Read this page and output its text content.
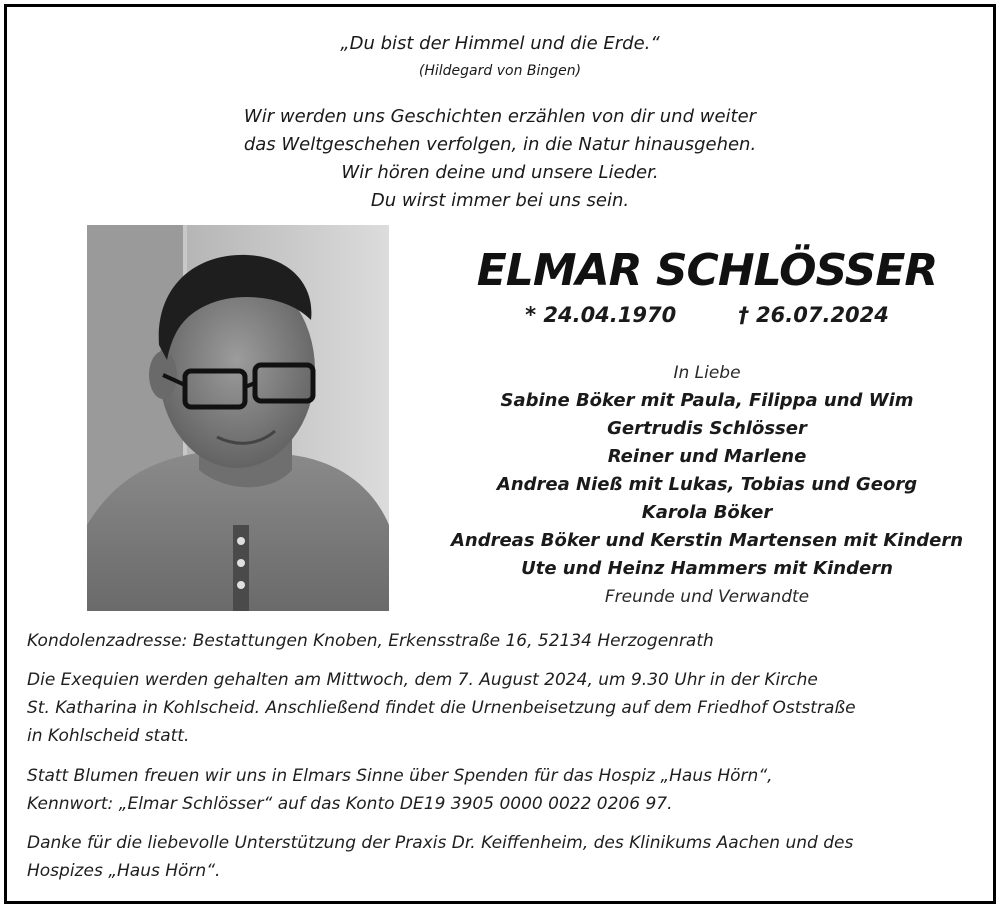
„Du bist der Himmel und die Erde.“
(Hildegard von Bingen)
Wir werden uns Geschichten erzählen von dir und weiter
das Weltgeschehen verfolgen, in die Natur hinausgehen.
Wir hören deine und unsere Lieder.
Du wirst immer bei uns sein.
ELMAR SCHLÖSSER
* 24.04.1970	† 26.07.2024
In Liebe
Sabine Böker mit Paula, Filippa und Wim
Gertrudis Schlösser
Reiner und Marlene
Andrea Nieß mit Lukas, Tobias und Georg
Karola Böker
Andreas Böker und Kerstin Martensen mit Kindern
Ute und Heinz Hammers mit Kindern
Freunde und Verwandte
Kondolenzadresse: Bestattungen Knoben, Erkensstraße 16, 52134 Herzogenrath
Die Exequien werden gehalten am Mittwoch, dem 7. August 2024, um 9.30 Uhr in der Kirche
St. Katharina in Kohlscheid. Anschließend findet die Urnenbeisetzung auf dem Friedhof Oststraße
in Kohlscheid statt.
Statt Blumen freuen wir uns in Elmars Sinne über Spenden für das Hospiz „Haus Hörn“,
Kennwort: „Elmar Schlösser“ auf das Konto DE19 3905 0000 0022 0206 97.
Danke für die liebevolle Unterstützung der Praxis Dr. Keiffenheim, des Klinikums Aachen und des
Hospizes „Haus Hörn“.
